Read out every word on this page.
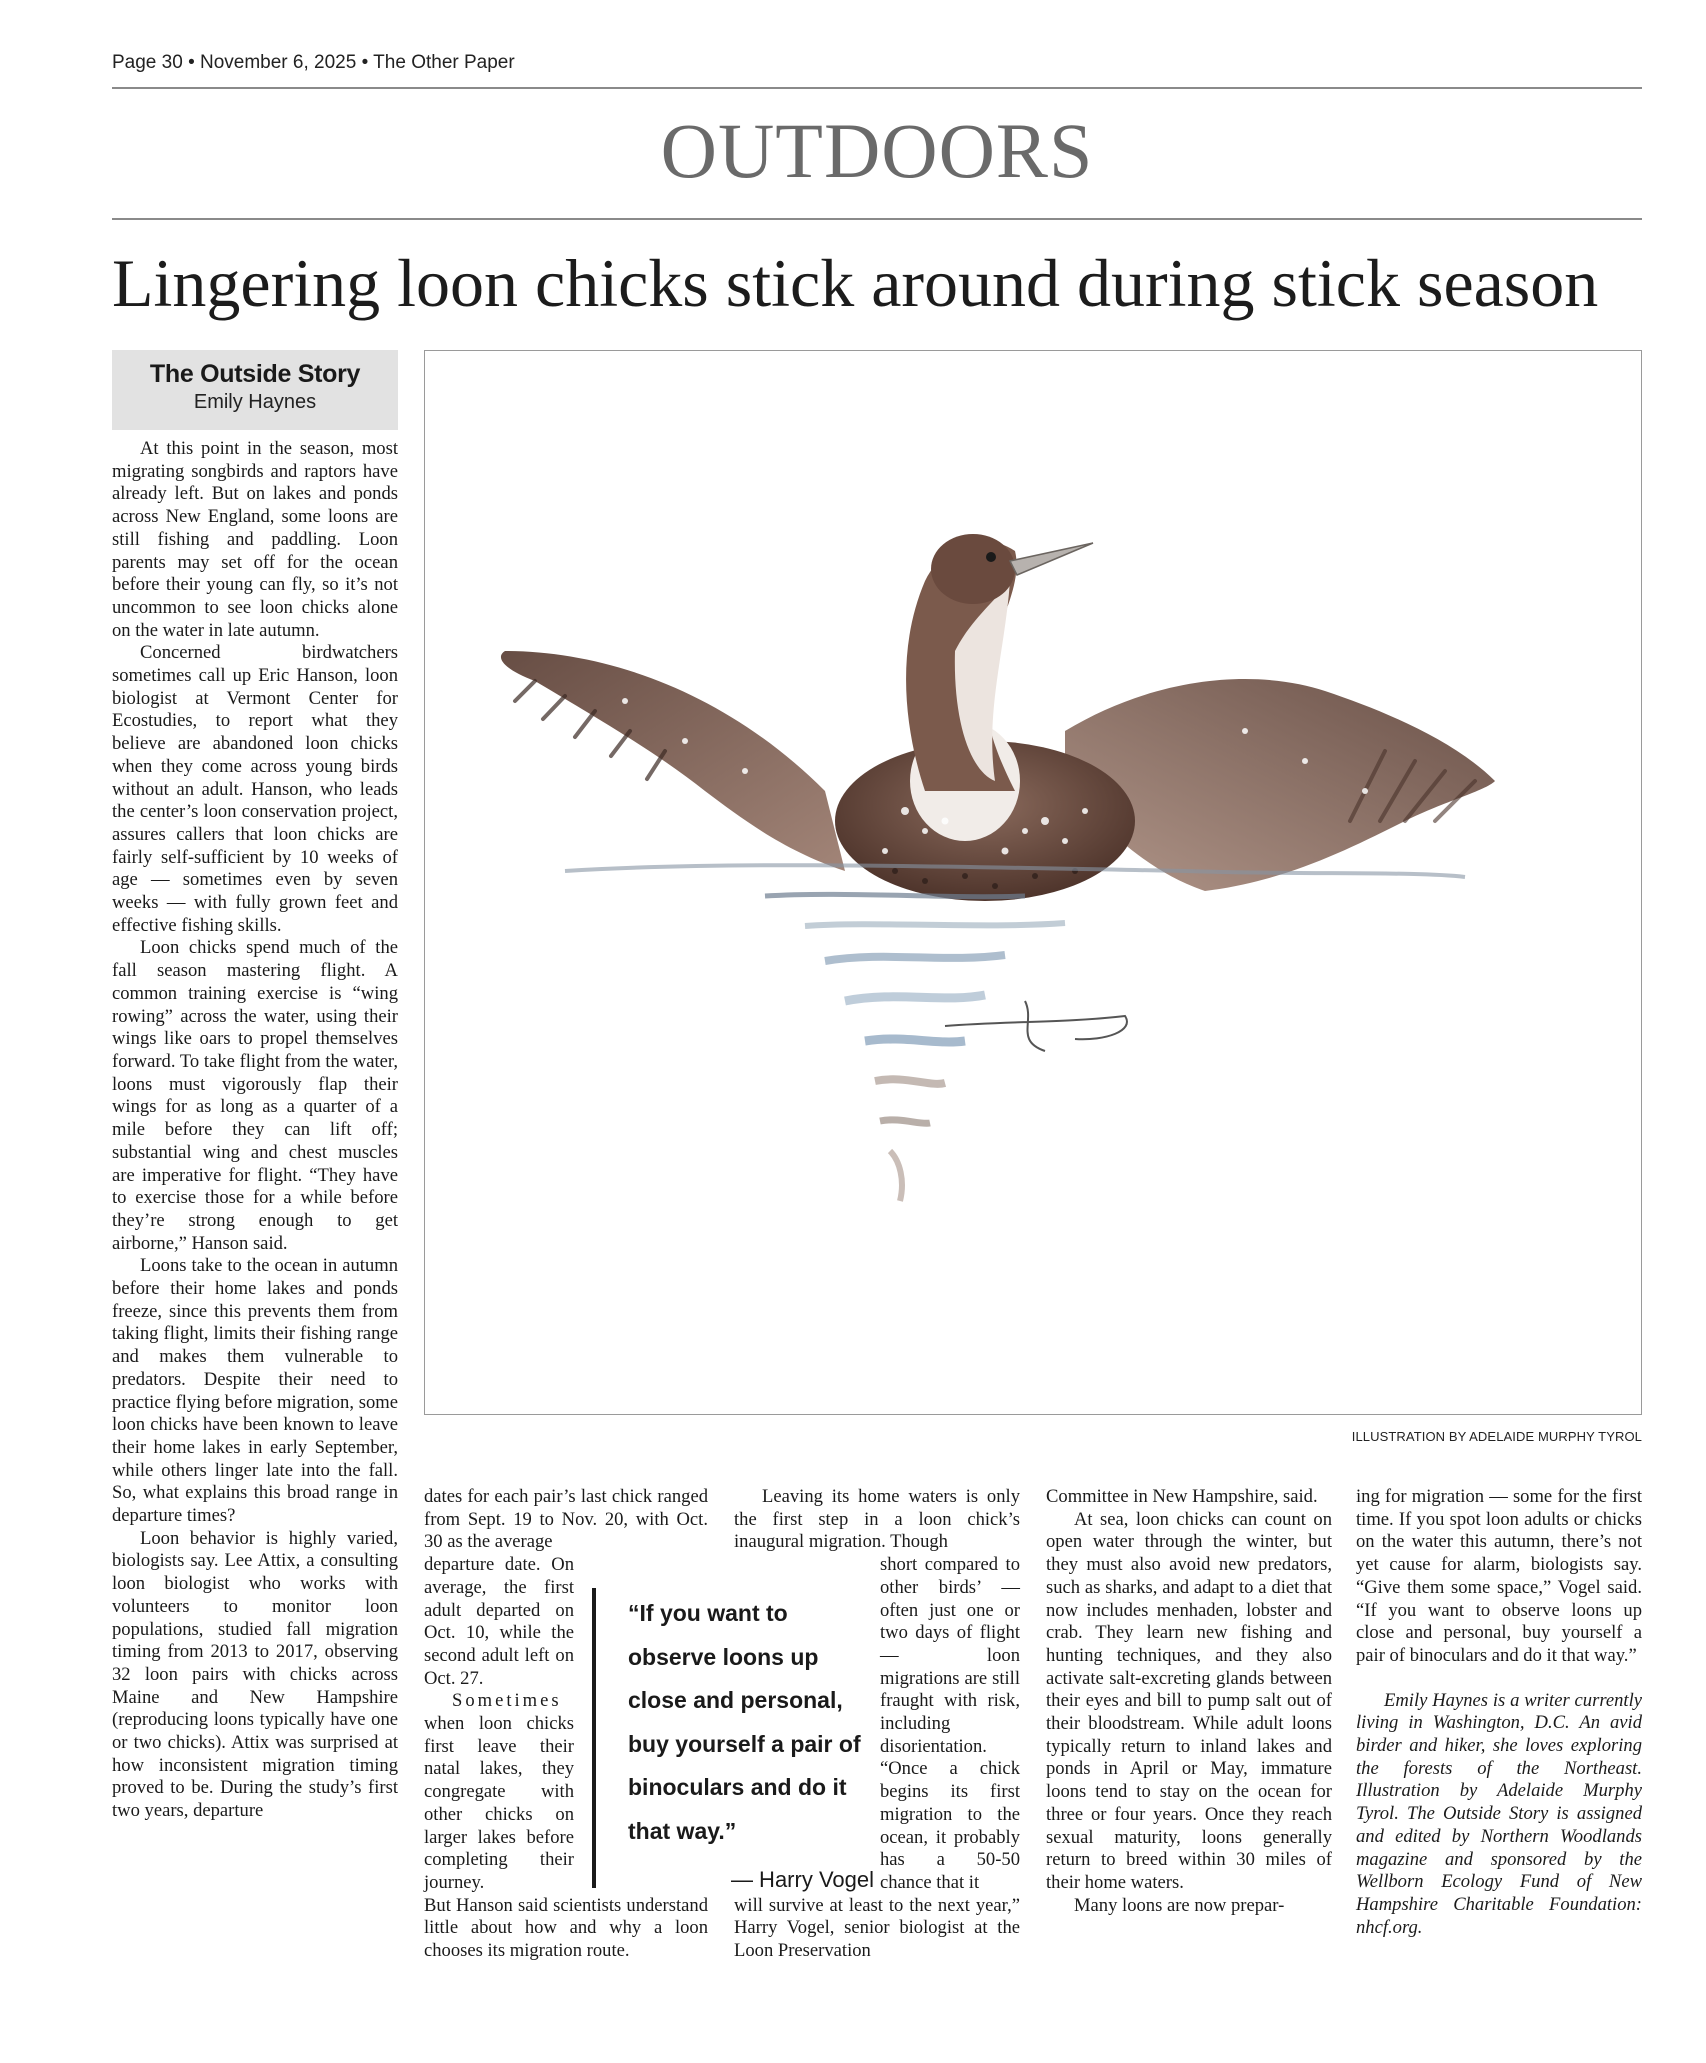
Page 30 • November 6, 2025 • The Other Paper
OUTDOORS
Lingering loon chicks stick around during stick season
The Outside Story
Emily Haynes
ILLUSTRATION BY ADELAIDE MURPHY TYROL

At this point in the season, most migrating songbirds and raptors have already left. But on lakes and ponds across New England, some loons are still fishing and paddling. Loon parents may set off for the ocean before their young can fly, so it’s not uncommon to see loon chicks alone on the water in late autumn.

Concerned birdwatchers sometimes call up Eric Hanson, loon biologist at Vermont Center for Ecostudies, to report what they believe are abandoned loon chicks when they come across young birds without an adult. Hanson, who leads the center’s loon conservation project, assures callers that loon chicks are fairly self-sufficient by 10 weeks of age — sometimes even by seven weeks — with fully grown feet and effective fishing skills.

Loon chicks spend much of the fall season mastering flight. A common training exercise is “wing rowing” across the water, using their wings like oars to propel themselves forward. To take flight from the water, loons must vigorously flap their wings for as long as a quarter of a mile before they can lift off; substantial wing and chest muscles are imperative for flight. “They have to exercise those for a while before they’re strong enough to get airborne,” Hanson said.

Loons take to the ocean in autumn before their home lakes and ponds freeze, since this prevents them from taking flight, limits their fishing range and makes them vulnerable to predators. Despite their need to practice flying before migration, some loon chicks have been known to leave their home lakes in early September, while others linger late into the fall. So, what explains this broad range in departure times?

Loon behavior is highly varied, biologists say. Lee Attix, a consulting loon biologist who works with volunteers to monitor loon populations, studied fall migration timing from 2013 to 2017, observing 32 loon pairs with chicks across Maine and New Hampshire (reproducing loons typically have one or two chicks). Attix was surprised at how inconsistent migration timing proved to be. During the study’s first two years, departure

dates for each pair’s last chick ranged from Sept. 19 to Nov. 20, with Oct. 30 as the average

departure date. On average, the first adult departed on Oct. 10, while the second adult left on Oct. 27.

Sometimes when loon chicks first leave their natal lakes, they congregate with other chicks on larger lakes before completing their journey.

But Hanson said scientists understand little about how and why a loon chooses its migration route.

Leaving its home waters is only the first step in a loon chick’s inaugural migration. Though

short compared to other birds’ — often just one or two days of flight — loon migrations are still fraught with risk, including disorientation. “Once a chick begins its first migration to the ocean, it probably has a 50-50 chance that it

will survive at least to the next year,” Harry Vogel, senior biologist at the Loon Preservation

“If you want to observe loons up close and personal, buy yourself a pair of binoculars and do it that way.”
— Harry Vogel

Committee in New Hampshire, said.

At sea, loon chicks can count on open water through the winter, but they must also avoid new predators, such as sharks, and adapt to a diet that now includes menhaden, lobster and crab. They learn new fishing and hunting techniques, and they also activate salt-excreting glands between their eyes and bill to pump salt out of their bloodstream. While adult loons typically return to inland lakes and ponds in April or May, immature loons tend to stay on the ocean for three or four years. Once they reach sexual maturity, loons generally return to breed within 30 miles of their home waters.

Many loons are now prepar-

ing for migration — some for the first time. If you spot loon adults or chicks on the water this autumn, there’s not yet cause for alarm, biologists say. “Give them some space,” Vogel said. “If you want to observe loons up close and personal, buy yourself a pair of binoculars and do it that way.”

Emily Haynes is a writer currently living in Washington, D.C. An avid birder and hiker, she loves exploring the forests of the Northeast. Illustration by Adelaide Murphy Tyrol. The Outside Story is assigned and edited by Northern Woodlands magazine and sponsored by the Wellborn Ecology Fund of New Hampshire Charitable Foundation: nhcf.org.
